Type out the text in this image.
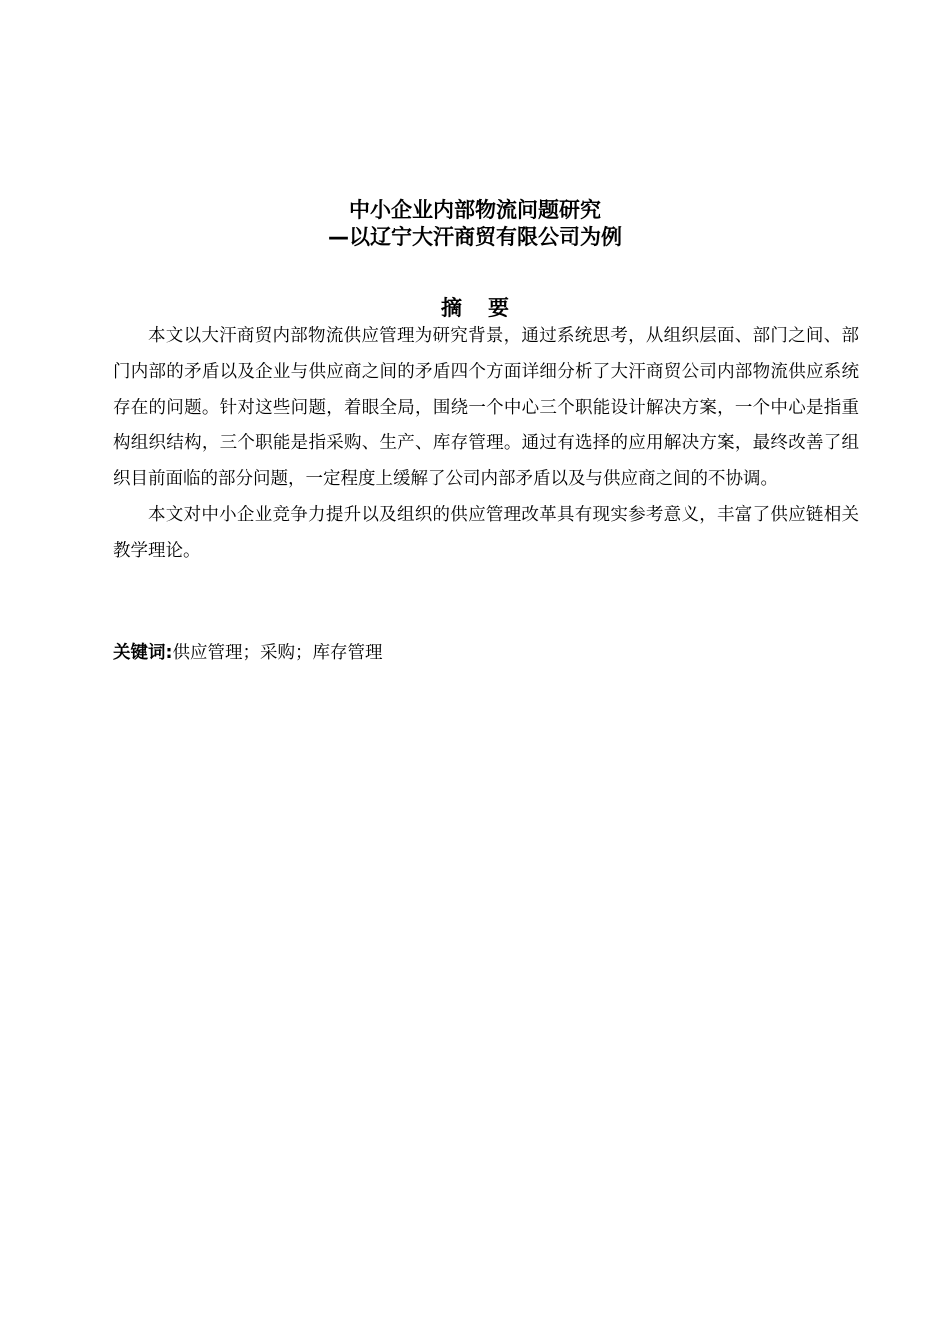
中小企业内部物流问题研究
—以辽宁大汗商贸有限公司为例
摘 要

本文以大汗商贸内部物流供应管理为研究背景，通过系统思考，从组织层面、部门之间、部门内部的矛盾以及企业与供应商之间的矛盾四个方面详细分析了大汗商贸公司内部物流供应系统存在的问题。针对这些问题，着眼全局，围绕一个中心三个职能设计解决方案，一个中心是指重构组织结构，三个职能是指采购、生产、库存管理。通过有选择的应用解决方案，最终改善了组织目前面临的部分问题，一定程度上缓解了公司内部矛盾以及与供应商之间的不协调。

本文对中小企业竞争力提升以及组织的供应管理改革具有现实参考意义，丰富了供应链相关教学理论。

关键词:供应管理；采购；库存管理
